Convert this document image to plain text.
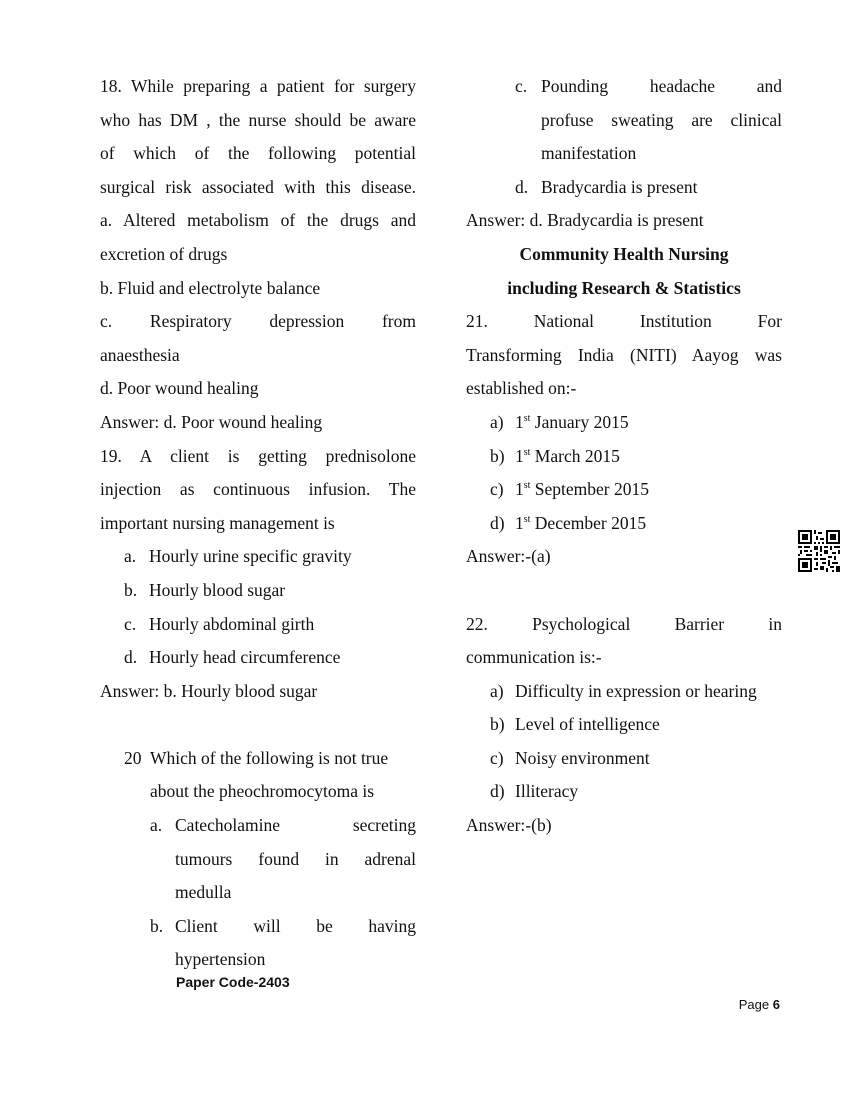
18. While preparing a patient for surgery
who has DM , the nurse should be aware
of which of the following potential
surgical risk associated with this disease.
a. Altered metabolism of the drugs and
excretion of drugs
b. Fluid and electrolyte balance
c. Respiratory depression from
anaesthesia
d. Poor wound healing
Answer: d. Poor wound healing
19. A client is getting prednisolone
injection as continuous infusion. The
important nursing management is
a. Hourly urine specific gravity
b. Hourly blood sugar
c. Hourly abdominal girth
d. Hourly head circumference
Answer: b. Hourly blood sugar
20 Which of the following is not true
about the pheochromocytoma is
a. Catecholamine secreting
tumours found in adrenal
medulla
b. Client will be having
hypertension
c. Pounding headache and
profuse sweating are clinical
manifestation
d. Bradycardia is present
Answer: d. Bradycardia is present
Community Health Nursing
including Research & Statistics
21. National Institution For
Transforming India (NITI) Aayog was
established on:-
a) 1st January 2015
b) 1st March 2015
c) 1st September 2015
d) 1st December 2015
Answer:-(a)
22. Psychological Barrier in
communication is:-
a) Difficulty in expression or hearing
b) Level of intelligence
c) Noisy environment
d) Illiteracy
Answer:-(b)
Paper Code-2403
Page 6
